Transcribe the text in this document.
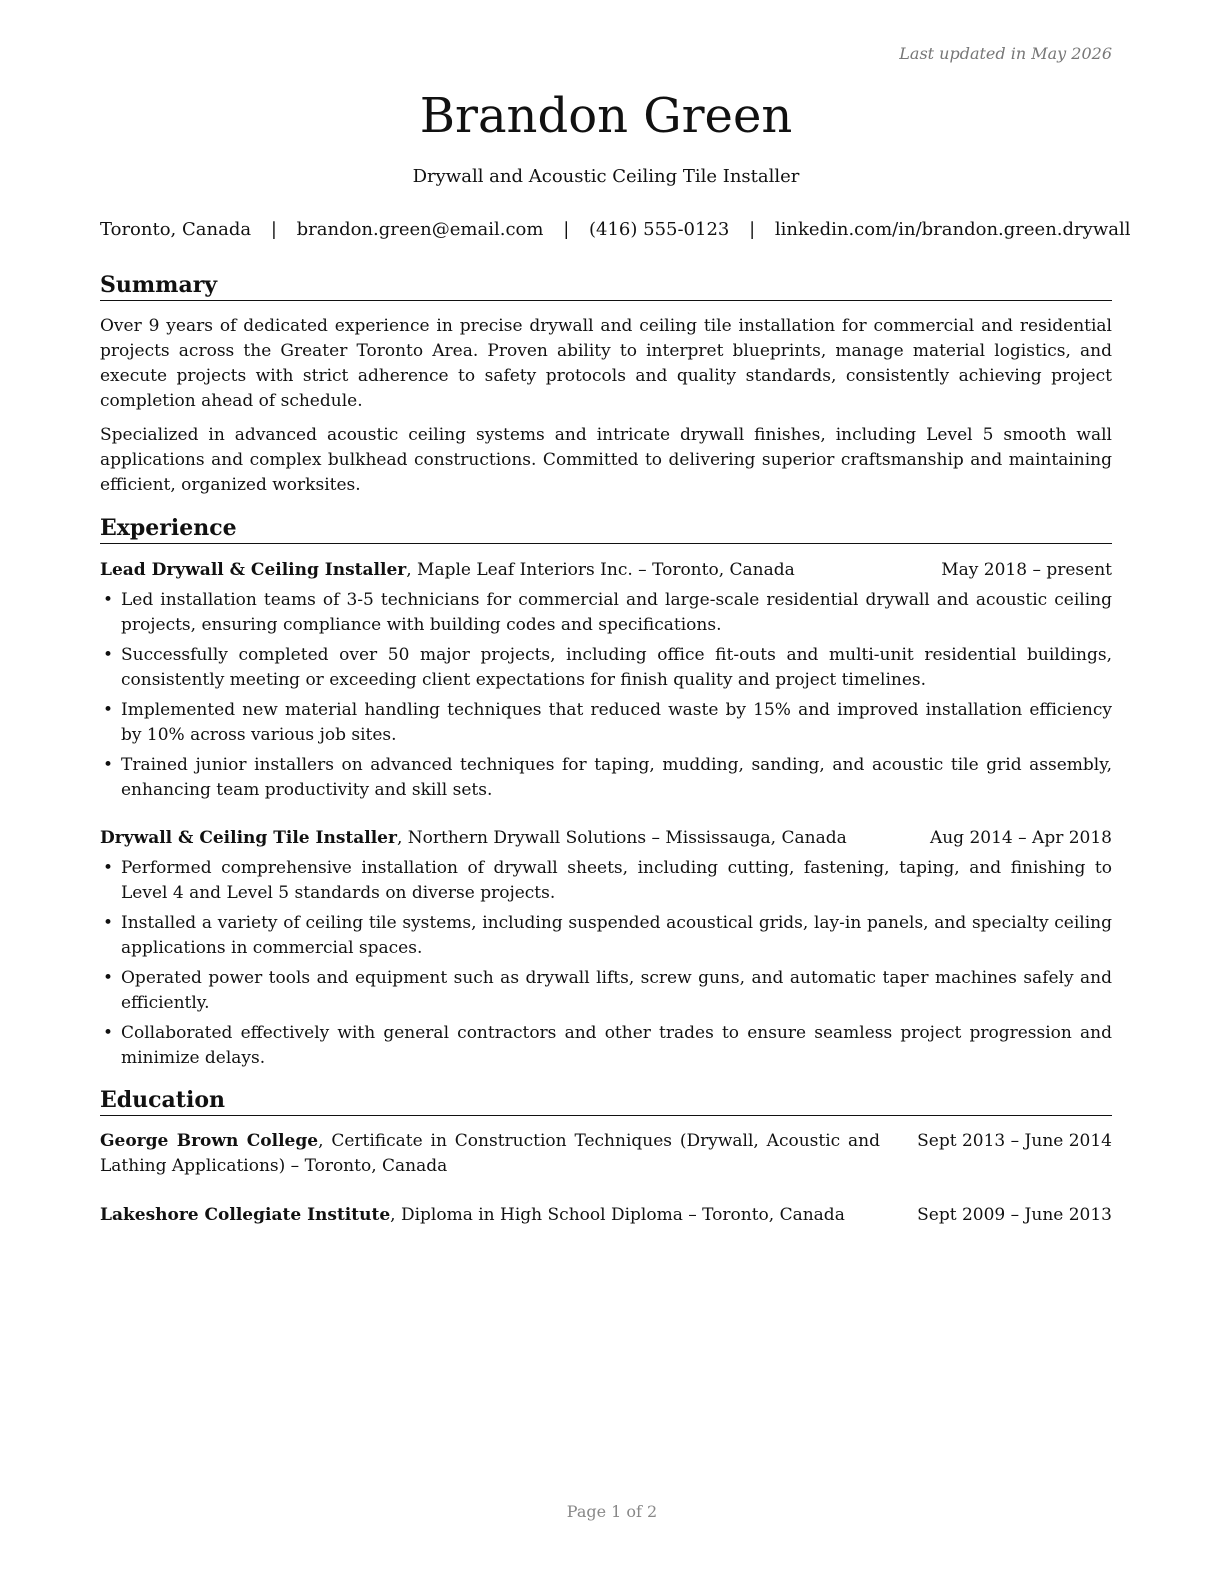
Last updated in May 2026
Brandon Green
Drywall and Acoustic Ceiling Tile Installer
Toronto, Canada | brandon.green@email.com | (416) 555-0123 | linkedin.com/in/brandon.green.drywall
Summary

Over 9 years of dedicated experience in precise drywall and ceiling tile installation for commercial and residential projects across the Greater Toronto Area. Proven ability to interpret blueprints, manage material logistics, and execute projects with strict adherence to safety protocols and quality standards, consistently achieving project completion ahead of schedule.

Specialized in advanced acoustic ceiling systems and intricate drywall finishes, including Level 5 smooth wall applications and complex bulkhead constructions. Committed to delivering superior craftsmanship and maintaining efficient, organized worksites.

Experience
Lead Drywall & Ceiling Installer, Maple Leaf Interiors Inc. – Toronto, Canada	May 2018 – present
• Led installation teams of 3-5 technicians for commercial and large-scale residential drywall and acoustic ceiling projects, ensuring compliance with building codes and specifications.
• Successfully completed over 50 major projects, including office fit-outs and multi-unit residential buildings, consistently meeting or exceeding client expectations for finish quality and project timelines.
• Implemented new material handling techniques that reduced waste by 15% and improved installation efficiency by 10% across various job sites.
• Trained junior installers on advanced techniques for taping, mudding, sanding, and acoustic tile grid assembly, enhancing team productivity and skill sets.
Drywall & Ceiling Tile Installer, Northern Drywall Solutions – Mississauga, Canada	Aug 2014 – Apr 2018
• Performed comprehensive installation of drywall sheets, including cutting, fastening, taping, and finishing to Level 4 and Level 5 standards on diverse projects.
• Installed a variety of ceiling tile systems, including suspended acoustical grids, lay-in panels, and specialty ceiling applications in commercial spaces.
• Operated power tools and equipment such as drywall lifts, screw guns, and automatic taper machines safely and efficiently.
• Collaborated effectively with general contractors and other trades to ensure seamless project progression and minimize delays.
Education
George Brown College, Certificate in Construction Techniques (Drywall, Acoustic and Lathing Applications) – Toronto, Canada
Sept 2013 – June 2014
Lakeshore Collegiate Institute, Diploma in High School Diploma – Toronto, Canada	Sept 2009 – June 2013
Page 1 of 2
